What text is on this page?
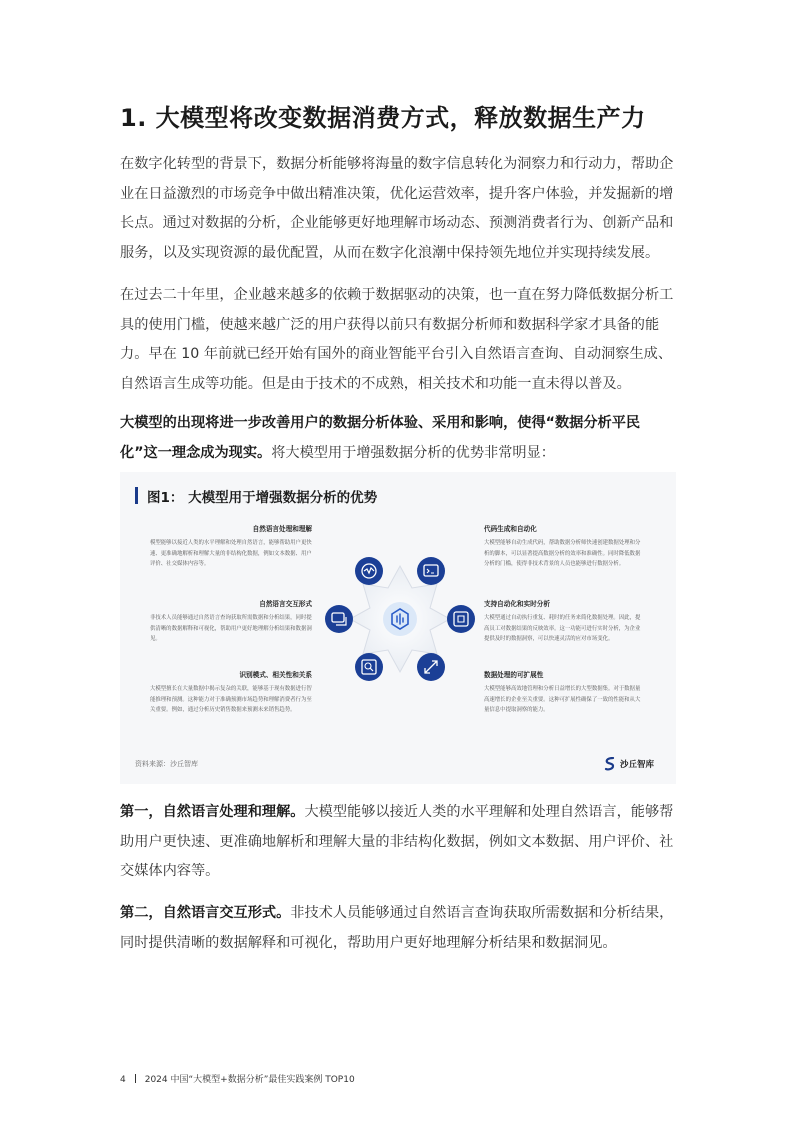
1. 大模型将改变数据消费方式，释放数据生产力

在数字化转型的背景下，数据分析能够将海量的数字信息转化为洞察力和行动力，帮助企业在日益激烈的市场竞争中做出精准决策，优化运营效率，提升客户体验，并发掘新的增长点。通过对数据的分析，企业能够更好地理解市场动态、预测消费者行为、创新产品和服务，以及实现资源的最优配置，从而在数字化浪潮中保持领先地位并实现持续发展。

在过去二十年里，企业越来越多的依赖于数据驱动的决策，也一直在努力降低数据分析工具的使用门槛，使越来越广泛的用户获得以前只有数据分析师和数据科学家才具备的能力。早在 10 年前就已经开始有国外的商业智能平台引入自然语言查询、自动洞察生成、自然语言生成等功能。但是由于技术的不成熟，相关技术和功能一直未得以普及。

大模型的出现将进一步改善用户的数据分析体验、采用和影响，使得“数据分析平民化”这一理念成为现实。将大模型用于增强数据分析的优势非常明显：

图1： 大模型用于增强数据分析的优势
自然语言处理和理解
模型能够以接近人类的水平理解和处理自然语言，能够帮助用户更快速、更准确地解析和理解大量的非结构化数据，例如文本数据、用户评价、社交媒体内容等。
自然语言交互形式
非技术人员能够通过自然语言查询获取所需数据和分析结果，同时提供清晰的数据解释和可视化，帮助用户更好地理解分析结果和数据洞见。
识别模式、相关性和关系
大模型擅长在大量数据中揭示复杂的关联，能够基于现有数据进行智能推理和预测。这种能力对于准确预测市场趋势和理解消费者行为至关重要。例如，通过分析历史销售数据来预测未来销售趋势。
代码生成和自动化
大模型能够自动生成代码，帮助数据分析师快速创建数据处理和分析的脚本，可以显著提高数据分析的效率和准确性。同时降低数据分析的门槛，使得非技术背景的人员也能够进行数据分析。
支持自动化和实时分析
大模型通过自动执行重复、耗时的任务来简化数据处理。因此，提高员工对数据结果的反映效率。这一功能可进行实时分析，为企业提供及时的数据洞察，可以快速灵活的应对市场变化。
数据处理的可扩展性
大模型能够高效地管理和分析日益增长的大型数据集。对于数据量高速增长的企业至关重要。这种可扩展性确保了一致的性能和从大量信息中提取洞察的能力。
资料来源：沙丘智库	沙丘智库

第一，自然语言处理和理解。大模型能够以接近人类的水平理解和处理自然语言，能够帮助用户更快速、更准确地解析和理解大量的非结构化数据，例如文本数据、用户评价、社交媒体内容等。

第二，自然语言交互形式。非技术人员能够通过自然语言查询获取所需数据和分析结果，同时提供清晰的数据解释和可视化，帮助用户更好地理解分析结果和数据洞见。

4 2024 中国“大模型+数据分析”最佳实践案例 TOP10
